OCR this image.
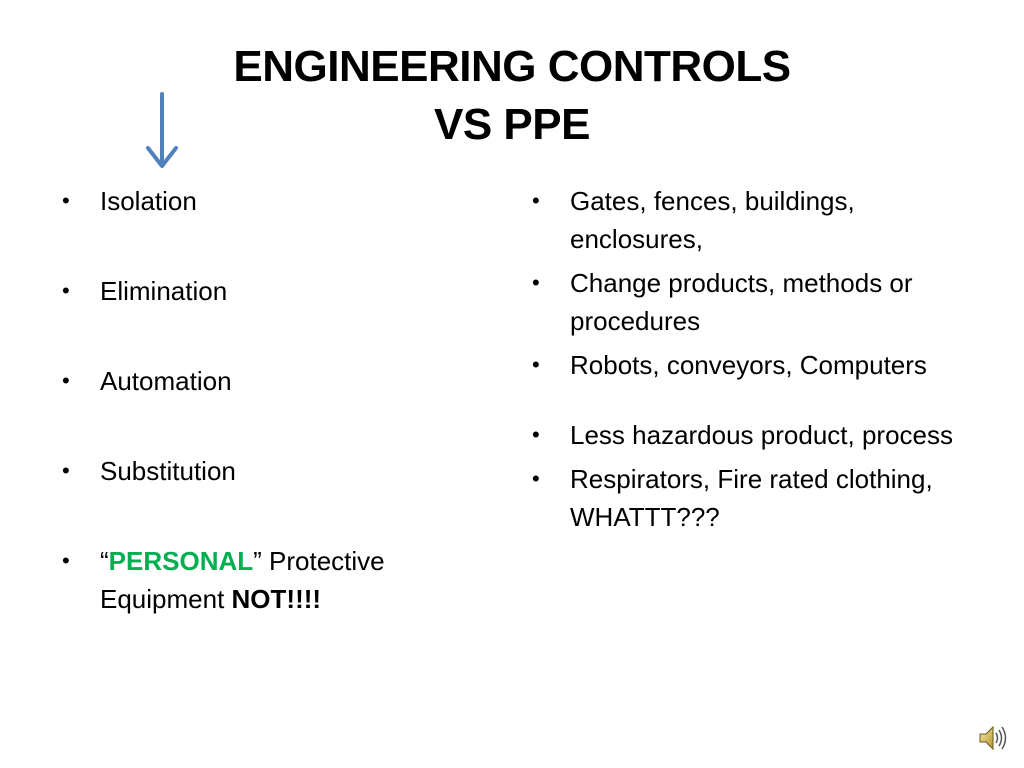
ENGINEERING CONTROLS
VS PPE
• Isolation
• Elimination
• Automation
• Substitution
• “PERSONAL” Protective Equipment NOT!!!!
• Gates, fences, buildings, enclosures,
• Change products, methods or procedures
• Robots, conveyors, Computers
• Less hazardous product, process
• Respirators, Fire rated clothing, WHATTT???
